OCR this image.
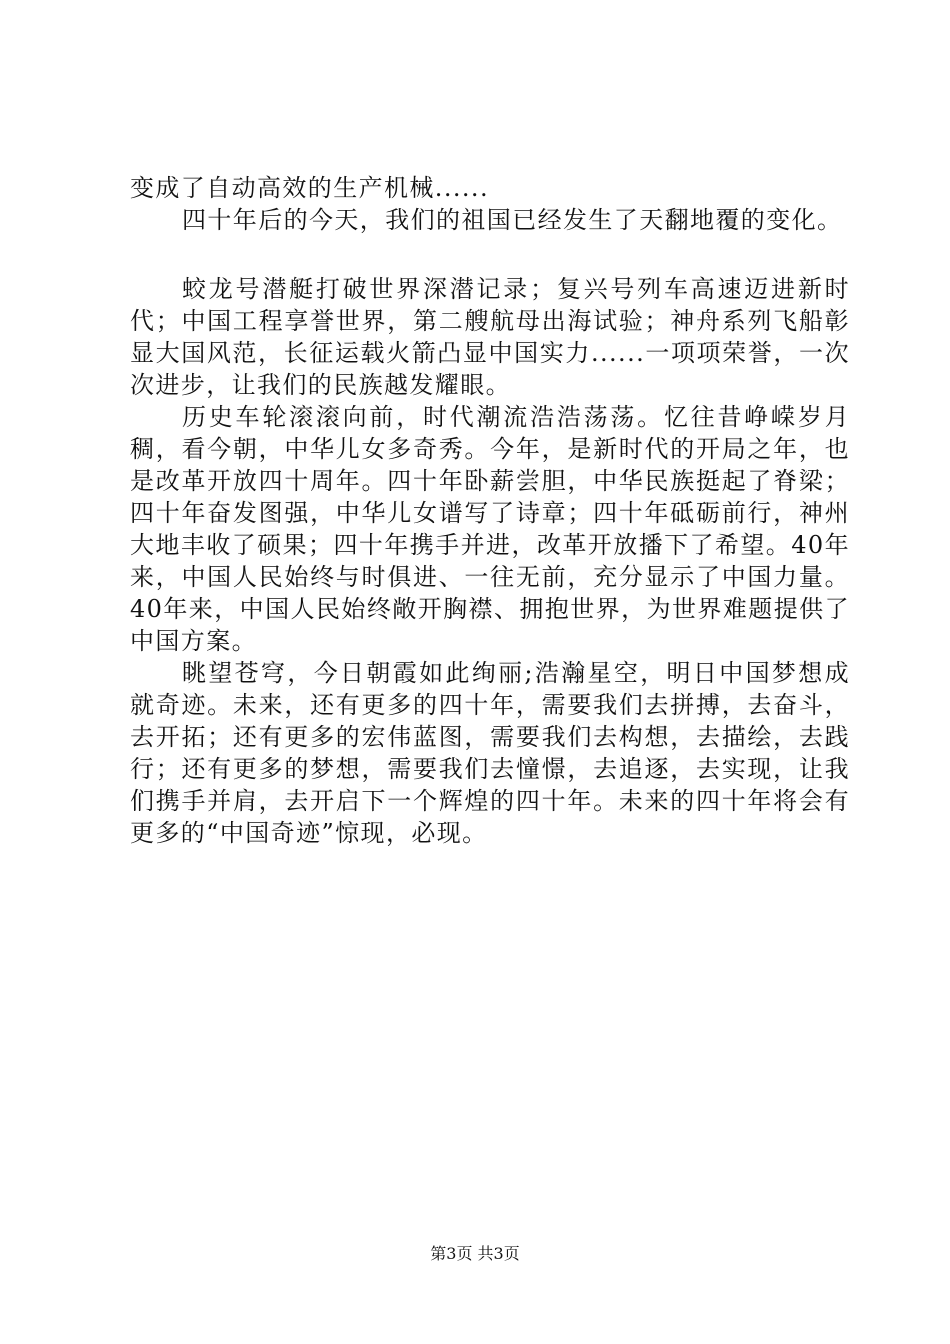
变成了自动高效的生产机械......

四十年后的今天，我们的祖国已经发生了天翻地覆的变化。

蛟龙号潜艇打破世界深潜记录；复兴号列车高速迈进新时代；中国工程享誉世界，第二艘航母出海试验；神舟系列飞船彰显大国风范，长征运载火箭凸显中国实力......一项项荣誉，一次次进步，让我们的民族越发耀眼。

历史车轮滚滚向前，时代潮流浩浩荡荡。忆往昔峥嵘岁月稠，看今朝，中华儿女多奇秀。今年，是新时代的开局之年，也是改革开放四十周年。四十年卧薪尝胆，中华民族挺起了脊梁；四十年奋发图强，中华儿女谱写了诗章；四十年砥砺前行，神州大地丰收了硕果；四十年携手并进，改革开放播下了希望。40年来，中国人民始终与时俱进、一往无前，充分显示了中国力量。40年来，中国人民始终敞开胸襟、拥抱世界，为世界难题提供了中国方案。

眺望苍穹，今日朝霞如此绚丽;浩瀚星空，明日中国梦想成就奇迹。未来，还有更多的四十年，需要我们去拼搏，去奋斗，去开拓；还有更多的宏伟蓝图，需要我们去构想，去描绘，去践行；还有更多的梦想，需要我们去憧憬，去追逐，去实现，让我们携手并肩，去开启下一个辉煌的四十年。未来的四十年将会有更多的“中国奇迹”惊现，必现。

第3页 共3页
